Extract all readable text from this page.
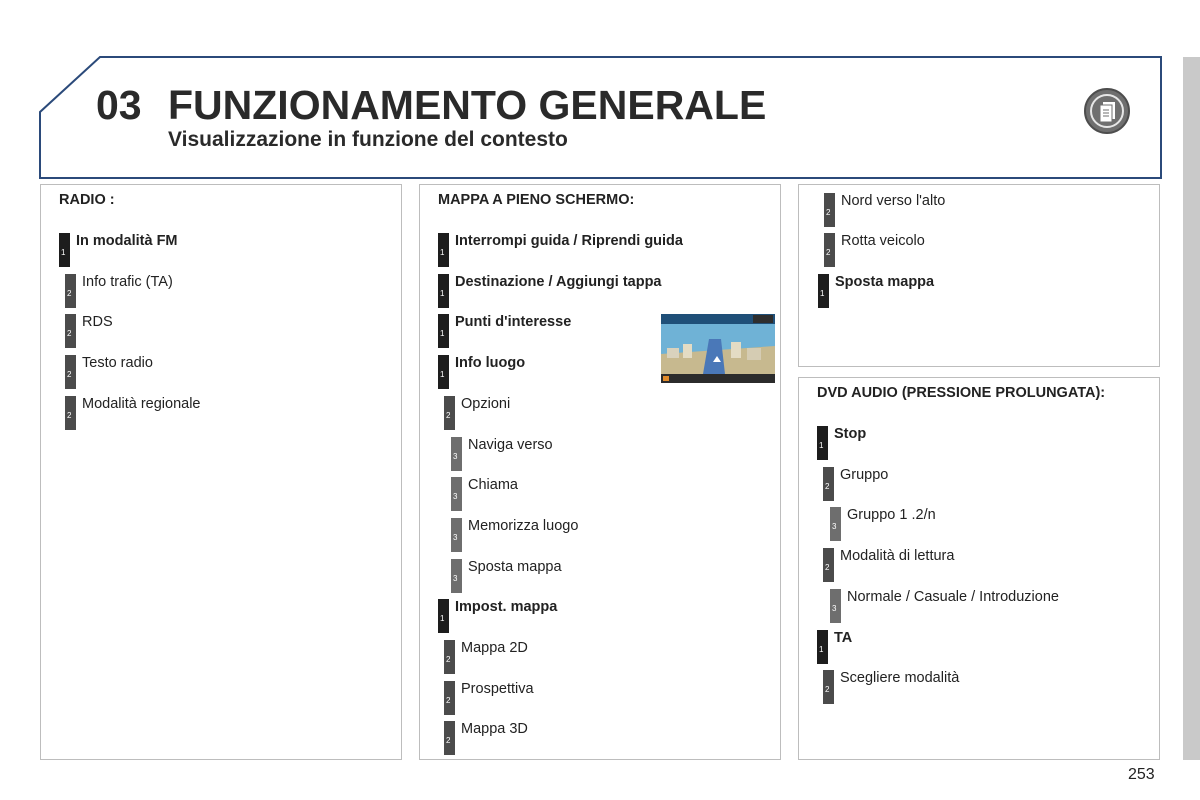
03 FUNZIONAMENTO GENERALE
Visualizzazione in funzione del contesto
RADIO :
1
In modalità FM
2
Info trafic (TA)
2
RDS
2
Testo radio
2
Modalità regionale
MAPPA A PIENO SCHERMO:
1
Interrompi guida / Riprendi guida
1
Destinazione / Aggiungi tappa
1
Punti d'interesse
1
Info luogo
2
Opzioni
3
Naviga verso
3
Chiama
3
Memorizza luogo
3
Sposta mappa
1
Impost. mappa
2
Mappa 2D
2
Prospettiva
2
Mappa 3D
2
Nord verso l'alto
2
Rotta veicolo
1
Sposta mappa
DVD AUDIO (PRESSIONE PROLUNGATA):
1
Stop
2
Gruppo
3
Gruppo 1 .2/n
2
Modalità di lettura
3
Normale / Casuale / Introduzione
1
TA
2
Scegliere modalità
253
